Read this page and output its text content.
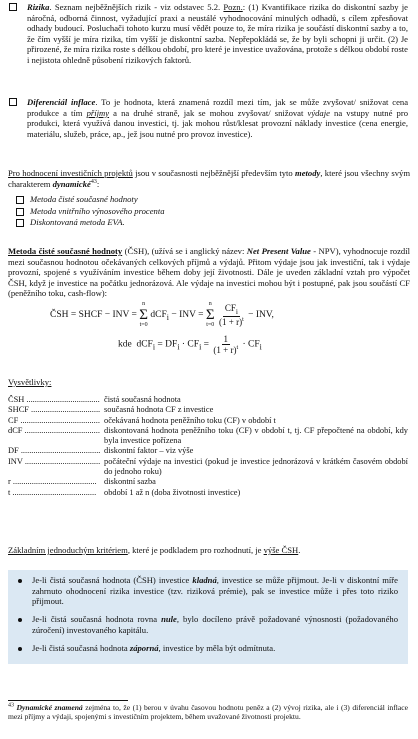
Rizika. Seznam nejběžnějších rizik - viz odstavec 5.2. Pozn.: (1) Kvantifikace rizika do diskontní sazby je náročná, odborná činnost, vyžadující praxi a neustálé vyhodnocování minulých odhadů, s cílem zpřesňovat odhady budoucí. Posluchači tohoto kurzu musí vědět pouze to, že míra rizika je součástí diskontní sazby a to, že čím vyšší je míra rizika, tím vyšší je diskontní sazba. Nepřepokládá se, že by byli schopni ji určit. (2) Je přirozené, že míra rizika roste s délkou období, pro které je investice uvažována, protože s délkou období roste i nejistota ohledně působení rizikových faktorů.
Diferenciál inflace. To je hodnota, která znamená rozdíl mezi tím, jak se může zvyšovat/ snižovat cena produkce a tím příjmy a na druhé straně, jak se mohou zvyšovat/ snižovat výdaje na vstupy nutné pro produkci, která využívá danou investici, tj. jak mohou růst/klesat provozní náklady investice (cena energie, materiálu, služeb, práce, ap., jež jsou nutné pro provoz investice).
Pro hodnocení investičních projektů jsou v současnosti nejběžnější především tyto metody, které jsou všechny svým charakterem dynamické$^{43}$:
Metoda čisté současné hodnoty
Metoda vnitřního výnosového procenta
Diskontovaná metoda EVA.
Metoda čisté současné hodnoty (ČSH), (užívá se i anglický název: Net Present Value - NPV), vyhodnocuje rozdíl mezi současnou hodnotou očekávaných celkových příjmů a výdajů. Přitom výdaje jsou jak investiční, tak i výdaje provozní, spojené s využíváním investice během doby její životnosti. Dále je uveden základní vztah pro výpočet ČSH, když je investice na počátku jednorázová. Ale výdaje na investici mohou být i postupné, pak jsou součástí CF (peněžního toku, cash-flow):
ČSH = SHCF − INV =
n
Σ
t=0
dCF$_i$ − INV =
n
Σ
t=0
$\frac{CF_i}{(1 + r)^t}$ − INV,
kde $dCF_i = DF_i \cdot CF_i = \frac{1}{(1 + r)^t} \cdot CF_i$
Vysvětlivky:
ČSH .....	čistá současná hodnota
SHCF .....	současná hodnota CF z investice
CF .....	očekávaná hodnota peněžního toku (CF) v období t
dCF .....	diskontovaná hodnota peněžního toku (CF) v období t, tj. CF přepočtené na období, kdy byla investice pořízena
DF .....	diskontní faktor – viz výše
INV .....	počáteční výdaje na investici (pokud je investice jednorázová v krátkém časovém období do jednoho roku)
r .....	diskontní sazba
t .....	období 1 až n (doba životnosti investice)
Základním jednoduchým kritériem, které je podkladem pro rozhodnutí, je výše ČSH.
Je-li čistá současná hodnota (ČSH) investice kladná, investice se může přijmout. Je-li v diskontní míře zahrnuto ohodnocení rizika investice (tzv. riziková prémie), pak se investice může i přes toto riziko přijmout.
Je-li čistá současná hodnota rovna nule, bylo docíleno právě požadované výnosnosti (požadovaného zúročení) investovaného kapitálu.
Je-li čistá současná hodnota záporná, investice by měla být odmítnuta.
$^{43}$ Dynamické znamená zejména to, že (1) berou v úvahu časovou hodnotu peněz a (2) vývoj rizika, ale i (3) diferenciál inflace mezi příjmy a výdaji, spojenými s investičním projektem, během uvažované životnosti projektu.
